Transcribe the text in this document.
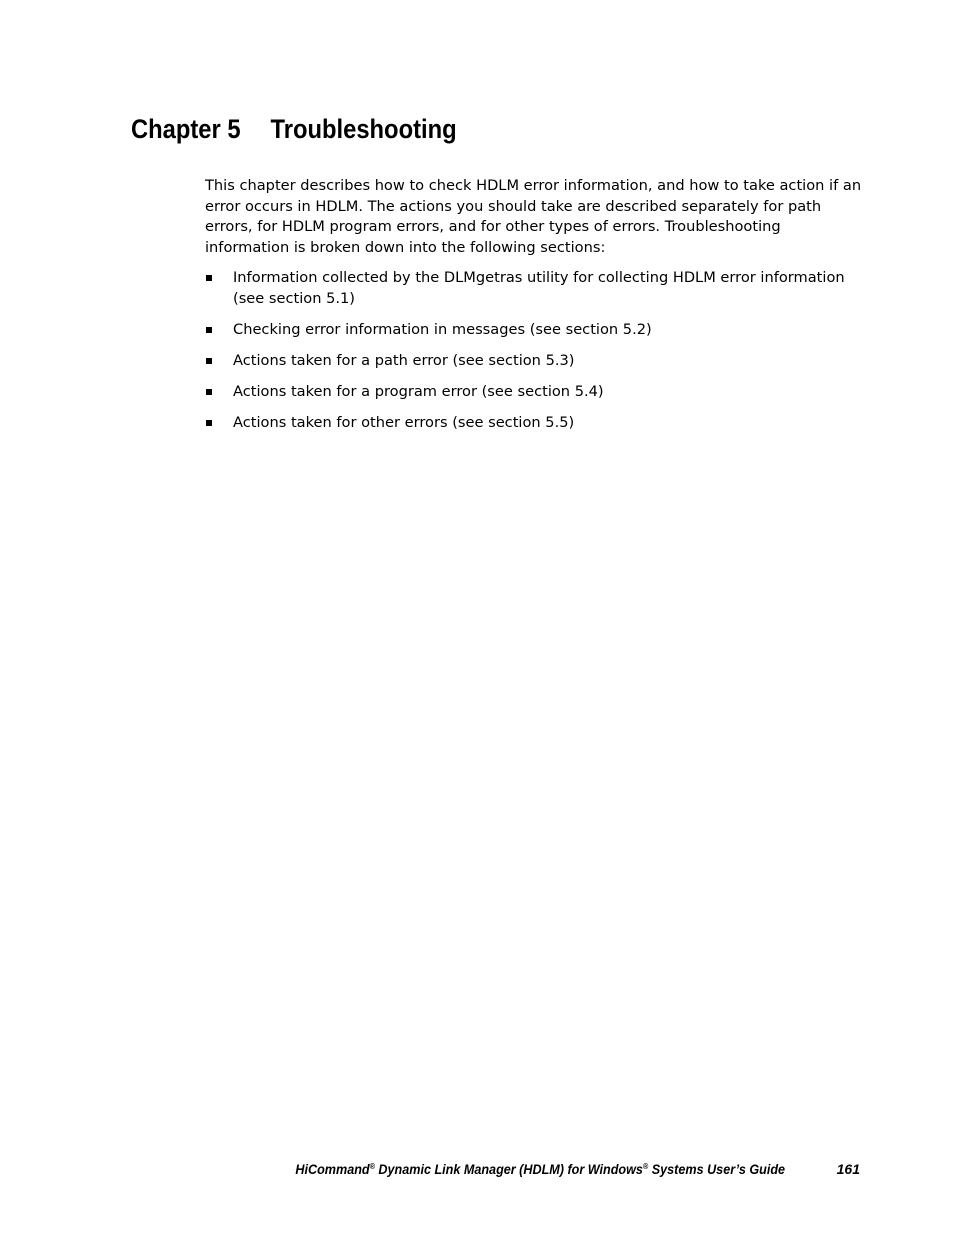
Chapter 5 Troubleshooting

This chapter describes how to check HDLM error information, and how to take action if an error occurs in HDLM. The actions you should take are described separately for path errors, for HDLM program errors, and for other types of errors. Troubleshooting information is broken down into the following sections:

Information collected by the DLMgetras utility for collecting HDLM error information (see section 5.1)
Checking error information in messages (see section 5.2)
Actions taken for a path error (see section 5.3)
Actions taken for a program error (see section 5.4)
Actions taken for other errors (see section 5.5)
HiCommand® Dynamic Link Manager (HDLM) for Windows® Systems User’s Guide	161
